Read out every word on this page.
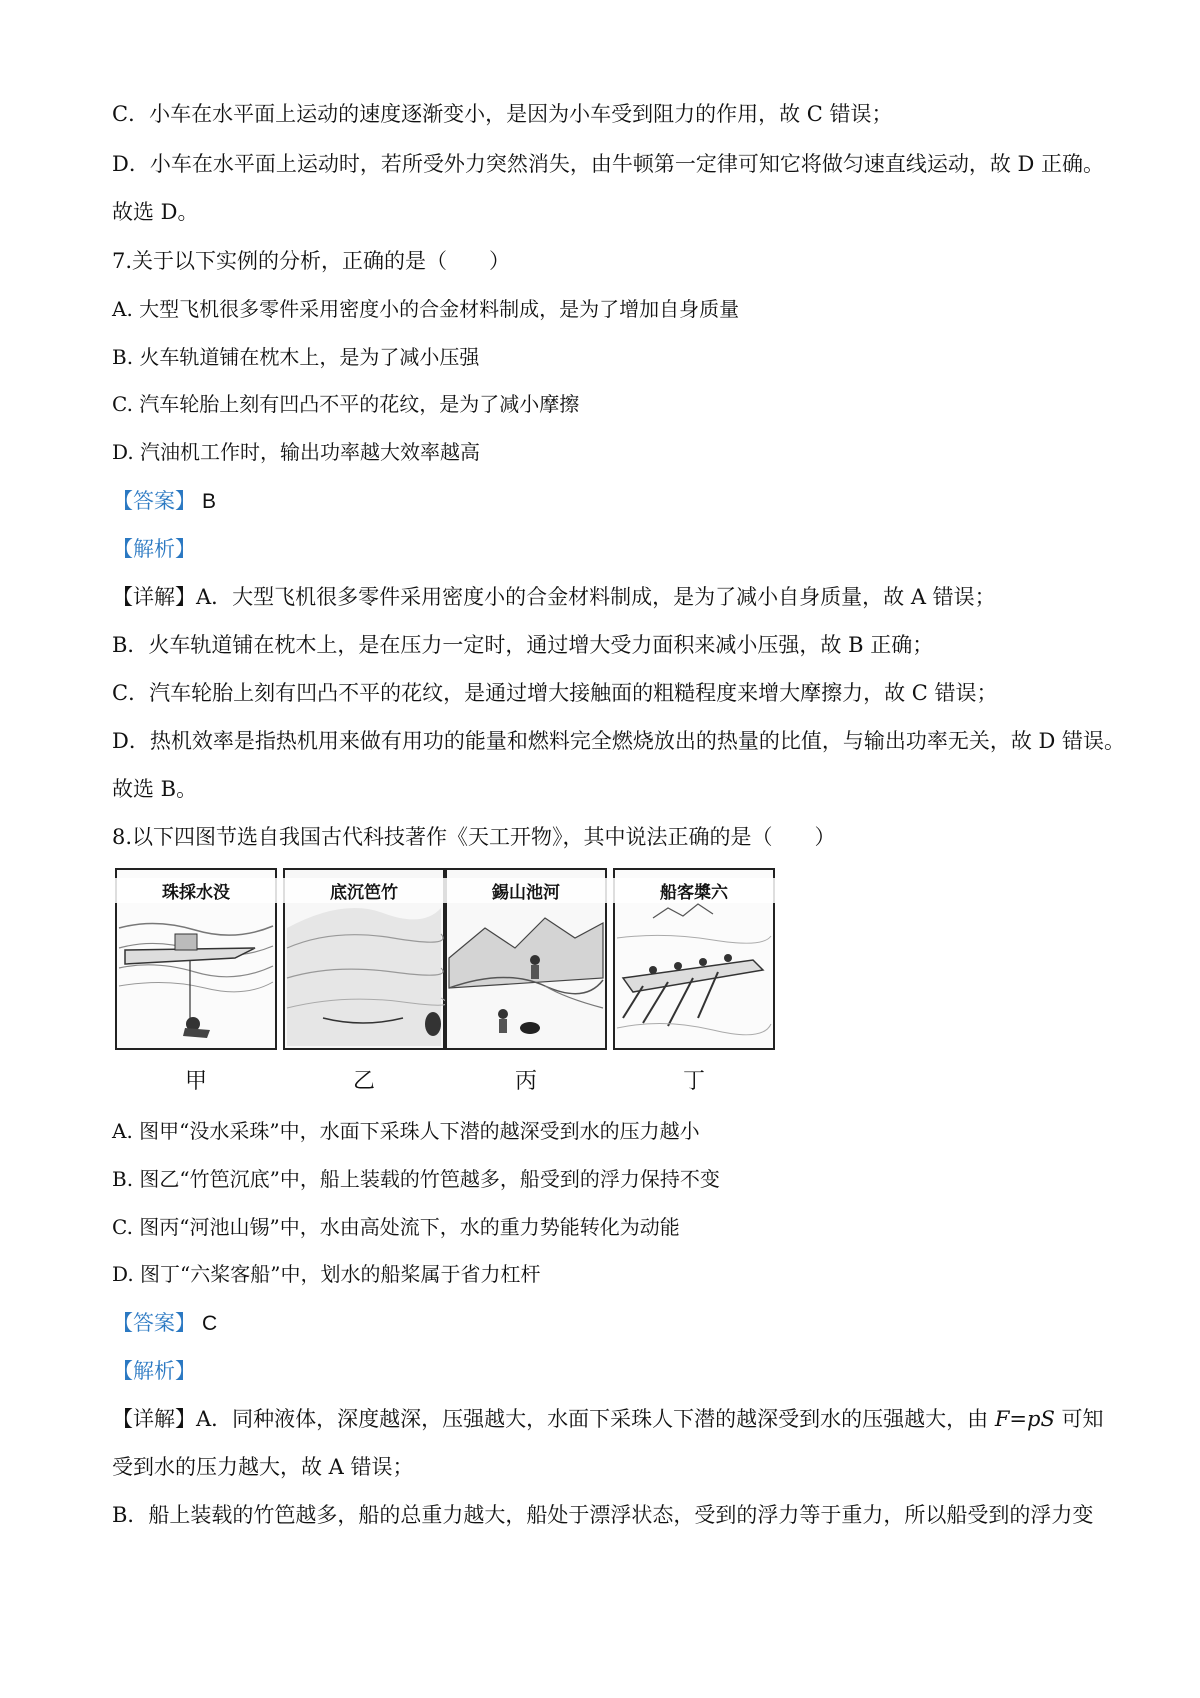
C．小车在水平面上运动的速度逐渐变小，是因为小车受到阻力的作用，故 C 错误；
D．小车在水平面上运动时，若所受外力突然消失，由牛顿第一定律可知它将做匀速直线运动，故 D 正确。
故选 D。
7.关于以下实例的分析，正确的是（　　）
A. 大型飞机很多零件采用密度小的合金材料制成，是为了增加自身质量
B. 火车轨道铺在枕木上，是为了减小压强
C. 汽车轮胎上刻有凹凸不平的花纹，是为了减小摩擦
D. 汽油机工作时，输出功率越大效率越高
【答案】 B
【解析】
【详解】A．大型飞机很多零件采用密度小的合金材料制成，是为了减小自身质量，故 A 错误；
B．火车轨道铺在枕木上，是在压力一定时，通过增大受力面积来减小压强，故 B 正确；
C．汽车轮胎上刻有凹凸不平的花纹，是通过增大接触面的粗糙程度来增大摩擦力，故 C 错误；
D．热机效率是指热机用来做有用功的能量和燃料完全燃烧放出的热量的比值，与输出功率无关，故 D 错误。
故选 B。
8.以下四图节选自我国古代科技著作《天工开物》，其中说法正确的是（　　）
珠採水没
甲
底沉笆竹
乙
錫山池河
丙
船客槳六
丁
A. 图甲“没水采珠”中，水面下采珠人下潜的越深受到水的压力越小
B. 图乙“竹笆沉底”中，船上装载的竹笆越多，船受到的浮力保持不变
C. 图丙“河池山锡”中，水由高处流下，水的重力势能转化为动能
D. 图丁“六桨客船”中，划水的船桨属于省力杠杆
【答案】 C
【解析】
【详解】A．同种液体，深度越深，压强越大，水面下采珠人下潜的越深受到水的压强越大，由 F=pS 可知
受到水的压力越大，故 A 错误；
B．船上装载的竹笆越多，船的总重力越大，船处于漂浮状态，受到的浮力等于重力，所以船受到的浮力变
